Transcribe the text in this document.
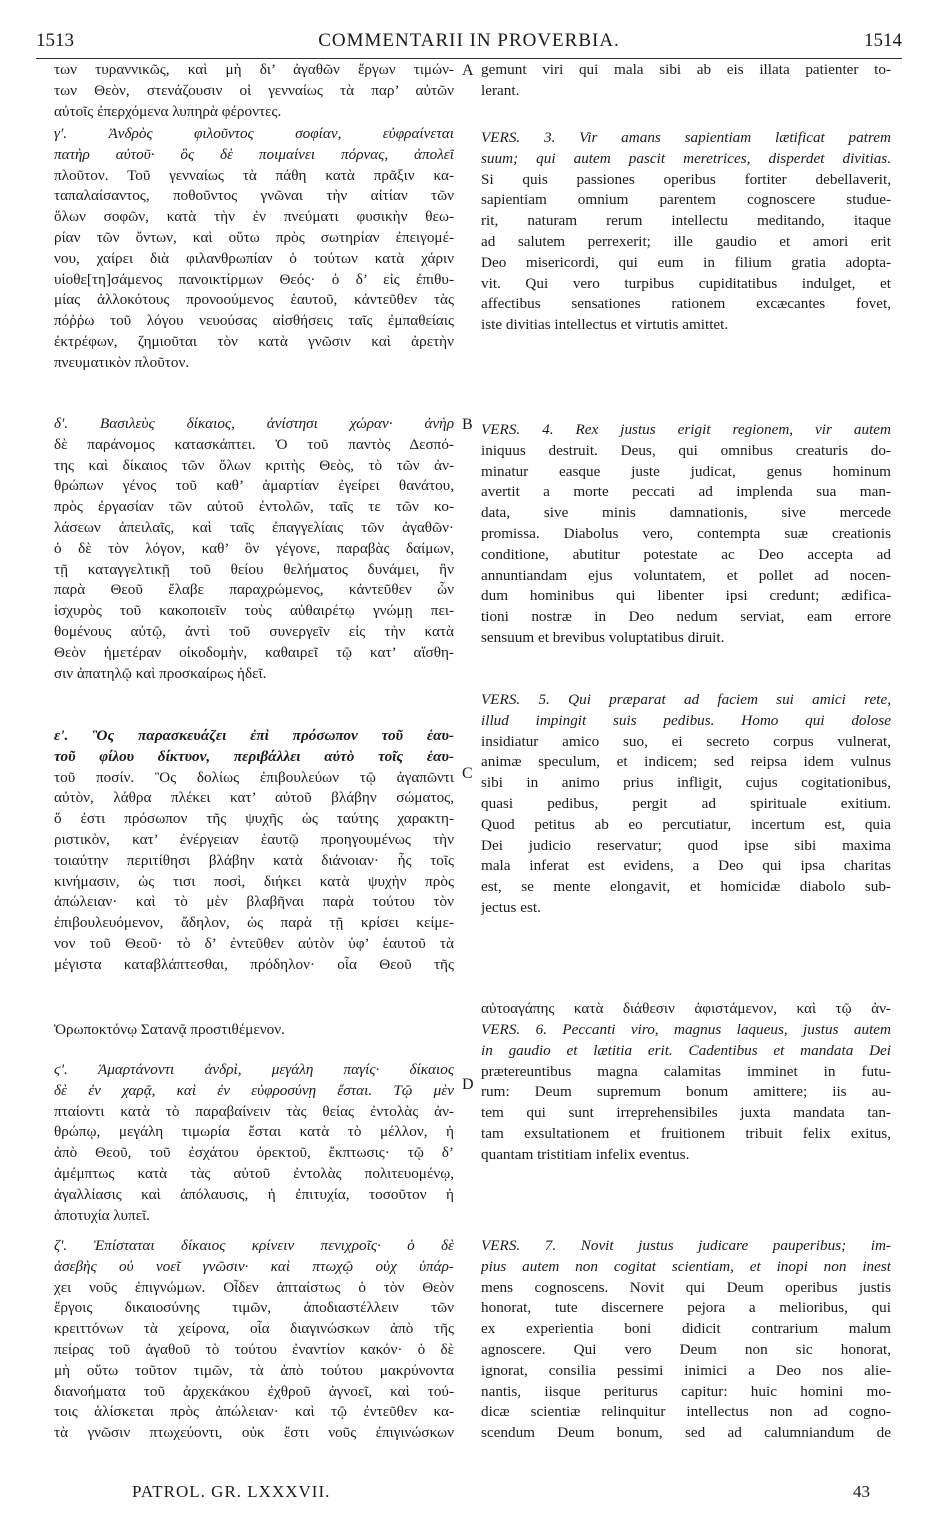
1513	COMMENTARII IN PROVERBIA.	1514
των τυραννικῶς, καὶ μὴ δι’ ἀγαθῶν ἔργων τιμών-
των Θεὸν, στενάζουσιν οἱ γενναίως τὰ παρ’ αὐτῶν
αὐτοῖς ἐπερχόμενα λυπηρὰ φέροντες.
γʹ. Ἀνδρὸς φιλοῦντος σοφίαν, εὐφραίνεται
πατὴρ αὐτοῦ· ὃς δὲ ποιμαίνει πόρνας, ἀπολεῖ
πλοῦτον. Τοῦ γενναίως τὰ πάθη κατὰ πρᾶξιν κα-
ταπαλαίσαντος, ποθοῦντος γνῶναι τὴν αἰτίαν τῶν
ὅλων σοφῶν, κατὰ τὴν ἐν πνεύματι φυσικὴν θεω-
ρίαν τῶν ὄντων, καὶ οὕτω πρὸς σωτηρίαν ἐπειγομέ-
νου, χαίρει διὰ φιλανθρωπίαν ὁ τούτων κατὰ χάριν
υἱοθε[τη]σάμενος πανοικτίρμων Θεός· ὁ δ’ εἰς ἐπιθυ-
μίας ἀλλοκότους προνοούμενος ἑαυτοῦ, κἀντεῦθεν τὰς
πόῤῥω τοῦ λόγου νευούσας αἰσθήσεις ταῖς ἐμπαθείαις
ἐκτρέφων, ζημιοῦται τὸν κατὰ γνῶσιν καὶ ἀρετὴν
πνευματικὸν πλοῦτον.
δʹ. Βασιλεὺς δίκαιος, ἀνίστησι χώραν· ἀνὴρ
δὲ παράνομος κατασκάπτει. Ὁ τοῦ παντὸς Δεσπό-
της καὶ δίκαιος τῶν ὅλων κριτὴς Θεὸς, τὸ τῶν ἀν-
θρώπων γένος τοῦ καθ’ ἁμαρτίαν ἐγείρει θανάτου,
πρὸς ἐργασίαν τῶν αὐτοῦ ἐντολῶν, ταῖς τε τῶν κο-
λάσεων ἀπειλαῖς, καὶ ταῖς ἐπαγγελίαις τῶν ἀγαθῶν·
ὁ δὲ τὸν λόγον, καθ’ ὃν γέγονε, παραβὰς δαίμων,
τῇ καταγγελτικῇ τοῦ θείου θελήματος δυνάμει, ἣν
παρὰ Θεοῦ ἔλαβε παραχρώμενος, κἀντεῦθεν ὧν
ἰσχυρὸς τοῦ κακοποιεῖν τοὺς αὐθαιρέτῳ γνώμῃ πει-
θομένους αὐτῷ, ἀντὶ τοῦ συνεργεῖν εἰς τὴν κατὰ
Θεὸν ἡμετέραν οἰκοδομὴν, καθαιρεῖ τῷ κατ’ αἴσθη-
σιν ἀπατηλῷ καὶ προσκαίρως ἡδεῖ.
εʹ. Ὃς παρασκευάζει ἐπὶ πρόσωπον τοῦ ἑαυ-
τοῦ φίλου δίκτυον, περιβάλλει αὐτὸ τοῖς ἑαυ-
τοῦ ποσίν. Ὃς δολίως ἐπιβουλεύων τῷ ἀγαπῶντι
αὐτὸν, λάθρα πλέκει κατ’ αὐτοῦ βλάβην σώματος,
ὅ ἐστι πρόσωπον τῆς ψυχῆς ὡς ταύτης χαρακτη-
ριστικὸν, κατ’ ἐνέργειαν ἑαυτῷ προηγουμένως τὴν
τοιαύτην περιτίθησι βλάβην κατὰ διάνοιαν· ἧς τοῖς
κινήμασιν, ὡς τισι ποσὶ, διήκει κατὰ ψυχὴν πρὸς
ἀπώλειαν· καὶ τὸ μὲν βλαβῆναι παρὰ τούτου τὸν
ἐπιβουλευόμενον, ἄδηλον, ὡς παρὰ τῇ κρίσει κείμε-
νον τοῦ Θεοῦ· τὸ δ’ ἐντεῦθεν αὐτὸν ὑφ’ ἑαυτοῦ τὰ
μέγιστα καταβλάπτεσθαι, πρόδηλον· οἷα Θεοῦ τῆς
Ὁρωποκτόνῳ Σατανᾷ προστιθέμενον.
ϛʹ. Ἁμαρτάνοντι ἀνδρὶ, μεγάλη παγίς· δίκαιος
δὲ ἐν χαρᾷ, καὶ ἐν εὐφροσύνῃ ἔσται. Τῷ μὲν
πταίοντι κατὰ τὸ παραβαίνειν τὰς θείας ἐντολὰς ἀν-
θρώπῳ, μεγάλη τιμωρία ἔσται κατὰ τὸ μέλλον, ἡ
ἀπὸ Θεοῦ, τοῦ ἐσχάτου ὀρεκτοῦ, ἔκπτωσις· τῷ δ’
ἀμέμπτως κατὰ τὰς αὐτοῦ ἐντολὰς πολιτευομένῳ,
ἀγαλλίασις καὶ ἀπόλαυσις, ἡ ἐπιτυχία, τοσοῦτον ἡ
ἀποτυχία λυπεῖ.
ζʹ. Ἐπίσταται δίκαιος κρίνειν πενιχροῖς· ὁ δὲ
ἀσεβὴς οὐ νοεῖ γνῶσιν· καὶ πτωχῷ οὐχ ὑπάρ-
χει νοῦς ἐπιγνώμων. Οἶδεν ἀπταίστως ὁ τὸν Θεὸν
ἔργοις δικαιοσύνης τιμῶν, ἀποδιαστέλλειν τῶν
κρειττόνων τὰ χείρονα, οἷα διαγινώσκων ἀπὸ τῆς
πείρας τοῦ ἀγαθοῦ τὸ τούτου ἐναντίον κακόν· ὁ δὲ
μὴ οὕτω τοῦτον τιμῶν, τὰ ἀπὸ τούτου μακρύνοντα
διανοήματα τοῦ ἀρχεκάκου ἐχθροῦ ἀγνοεῖ, καὶ τού-
τοις ἁλίσκεται πρὸς ἀπώλειαν· καὶ τῷ ἐντεῦθεν κα-
τὰ γνῶσιν πτωχεύοντι, οὐκ ἔστι νοῦς ἐπιγινώσκων
A
B
C
D
gemunt viri qui mala sibi ab eis illata patienter to-
lerant.
VERS. 3. Vir amans sapientiam lætificat patrem
suum; qui autem pascit meretrices, disperdet divitias.
Si quis passiones operibus fortiter debellaverit,
sapientiam omnium parentem cognoscere studue-
rit, naturam rerum intellectu meditando, itaque
ad salutem perrexerit; ille gaudio et amori erit
Deo misericordi, qui eum in filium gratia adopta-
vit. Qui vero turpibus cupiditatibus indulget, et
affectibus sensationes rationem excæcantes fovet,
iste divitias intellectus et virtutis amittet.
VERS. 4. Rex justus erigit regionem, vir autem
iniquus destruit. Deus, qui omnibus creaturis do-
minatur easque juste judicat, genus hominum
avertit a morte peccati ad implenda sua man-
data, sive minis damnationis, sive mercede
promissa. Diabolus vero, contempta suæ creationis
conditione, abutitur potestate ac Deo accepta ad
annuntiandam ejus voluntatem, et pollet ad nocen-
dum hominibus qui libenter ipsi credunt; ædifica-
tioni nostræ in Deo nedum serviat, eam errore
sensuum et brevibus voluptatibus diruit.
VERS. 5. Qui præparat ad faciem sui amici rete,
illud impingit suis pedibus. Homo qui dolose
insidiatur amico suo, ei secreto corpus vulnerat,
animæ speculum, et indicem; sed reipsa idem vulnus
sibi in animo prius infligit, cujus cogitationibus,
quasi pedibus, pergit ad spirituale exitium.
Quod petitus ab eo percutiatur, incertum est, quia
Dei judicio reservatur; quod ipse sibi maxima
mala inferat est evidens, a Deo qui ipsa charitas
est, se mente elongavit, et homicidæ diabolo sub-
jectus est.
VERS. 6. Peccanti viro, magnus laqueus, justus autem
in gaudio et lætitia erit. Cadentibus et mandata Dei
prætereuntibus magna calamitas imminet in futu-
rum: Deum supremum bonum amittere; iis au-
tem qui sunt irreprehensibiles juxta mandata tan-
tam exsultationem et fruitionem tribuit felix exitus,
quantam tristitiam infelix eventus.
VERS. 7. Novit justus judicare pauperibus; im-
pius autem non cogitat scientiam, et inopi non inest
mens cognoscens. Novit qui Deum operibus justis
honorat, tute discernere pejora a melioribus, qui
ex experientia boni didicit contrarium malum
agnoscere. Qui vero Deum non sic honorat,
ignorat, consilia pessimi inimici a Deo nos alie-
nantis, iisque periturus capitur: huic homini mo-
dicæ scientiæ relinquitur intellectus non ad cogno-
scendum Deum bonum, sed ad calumniandum de
αὐτοαγάπης κατὰ διάθεσιν ἀφιστάμενον, καὶ τῷ ἀν-
PATROL. GR. LXXXVII.	43
